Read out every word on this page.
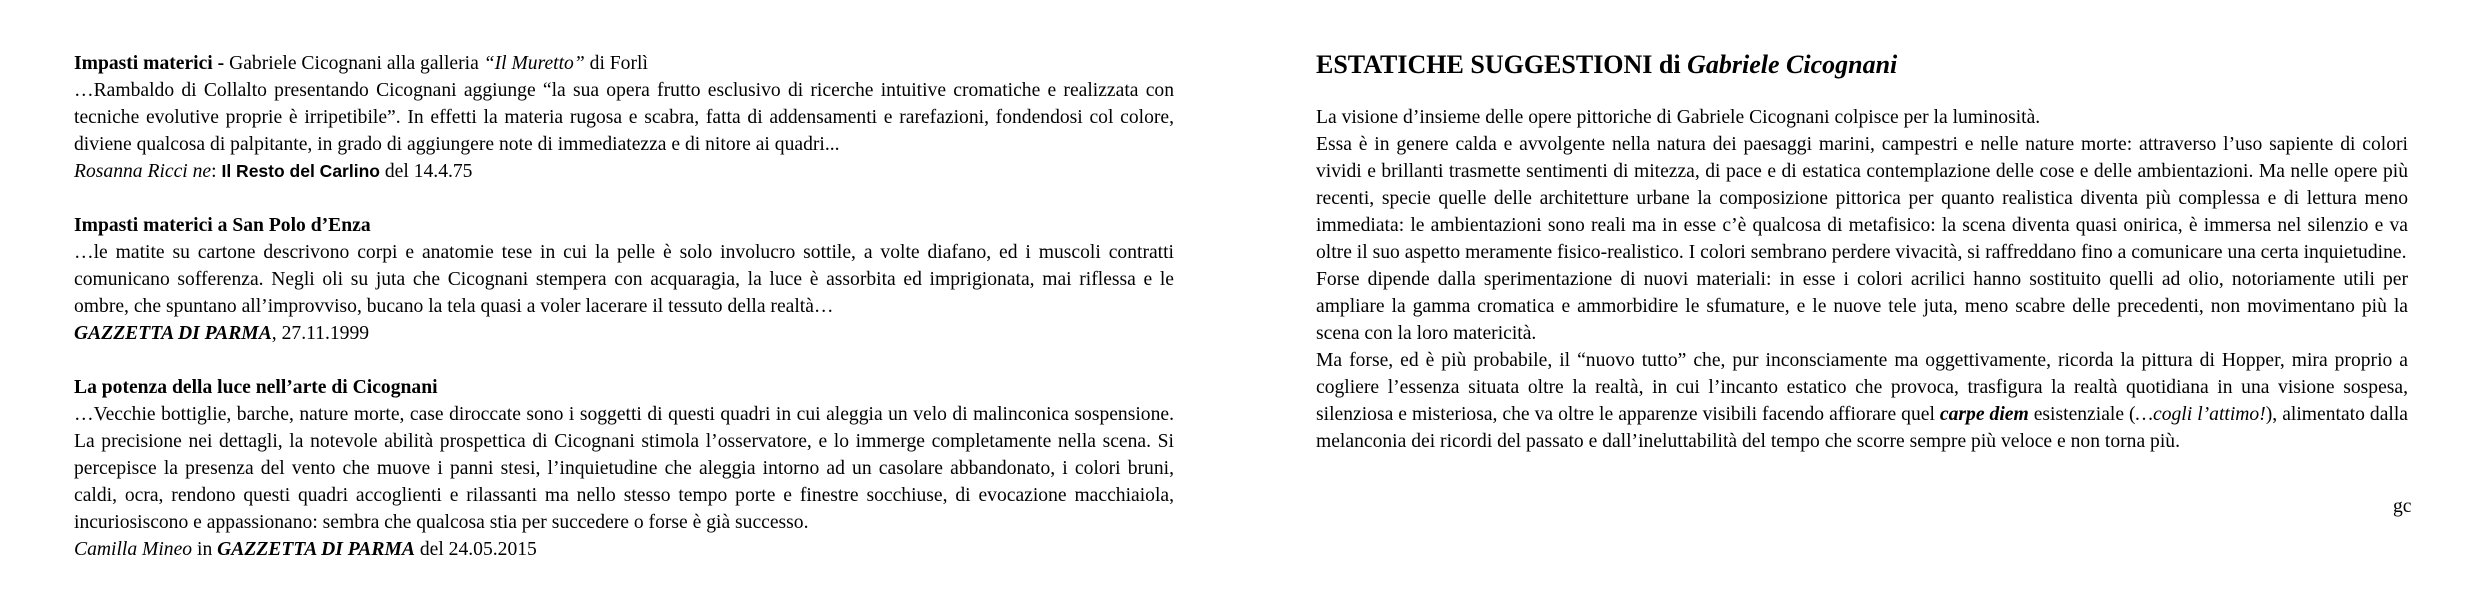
Impasti materici - Gabriele Cicognani alla galleria “Il Muretto” di Forlì
…Rambaldo di Collalto presentando Cicognani aggiunge “la sua opera frutto esclusivo di ricerche intuitive cromatiche e realizzata con tecniche evolutive proprie è irripetibile”. In effetti la materia rugosa e scabra, fatta di addensamenti e rarefazioni, fondendosi col colore, diviene qualcosa di palpitante, in grado di aggiungere note di immediatezza e di nitore ai quadri...
Rosanna Ricci ne: Il Resto del Carlino del 14.4.75
Impasti materici a San Polo d’Enza
…le matite su cartone descrivono corpi e anatomie tese in cui la pelle è solo involucro sottile, a volte diafano, ed i muscoli contratti comunicano sofferenza. Negli oli su juta che Cicognani stempera con acquaragia, la luce è assorbita ed imprigionata, mai riflessa e le ombre, che spuntano all’improvviso, bucano la tela quasi a voler lacerare il tessuto della realtà…
GAZZETTA DI PARMA, 27.11.1999
La potenza della luce nell’arte di Cicognani
…Vecchie bottiglie, barche, nature morte, case diroccate sono i soggetti di questi quadri in cui aleggia un velo di malinconica sospensione. La precisione nei dettagli, la notevole abilità prospettica di Cicognani stimola l’osservatore, e lo immerge completamente nella scena. Si percepisce la presenza del vento che muove i panni stesi, l’inquietudine che aleggia intorno ad un casolare abbandonato, i colori bruni, caldi, ocra, rendono questi quadri accoglienti e rilassanti ma nello stesso tempo porte e finestre socchiuse, di evocazione macchiaiola, incuriosiscono e appassionano: sembra che qualcosa stia per succedere o forse è già successo.
Camilla Mineo in GAZZETTA DI PARMA del 24.05.2015
ESTATICHE SUGGESTIONI di Gabriele Cicognani

La visione d’insieme delle opere pittoriche di Gabriele Cicognani colpisce per la luminosità.

Essa è in genere calda e avvolgente nella natura dei paesaggi marini, campestri e nelle nature morte: attraverso l’uso sapiente di colori vividi e brillanti trasmette sentimenti di mitezza, di pace e di estatica contemplazione delle cose e delle ambientazioni. Ma nelle opere più recenti, specie quelle delle architetture urbane la composizione pittorica per quanto realistica diventa più complessa e di lettura meno immediata: le ambientazioni sono reali ma in esse c’è qualcosa di metafisico: la scena diventa quasi onirica, è immersa nel silenzio e va oltre il suo aspetto meramente fisico-realistico. I colori sembrano perdere vivacità, si raffreddano fino a comunicare una certa inquietudine.

Forse dipende dalla sperimentazione di nuovi materiali: in esse i colori acrilici hanno sostituito quelli ad olio, notoriamente utili per ampliare la gamma cromatica e ammorbidire le sfumature, e le nuove tele juta, meno scabre delle precedenti, non movimentano più la scena con la loro matericità.

Ma forse, ed è più probabile, il “nuovo tutto” che, pur inconsciamente ma oggettivamente, ricorda la pittura di Hopper, mira proprio a cogliere l’essenza situata oltre la realtà, in cui l’incanto estatico che provoca, trasfigura la realtà quotidiana in una visione sospesa, silenziosa e misteriosa, che va oltre le apparenze visibili facendo affiorare quel carpe diem esistenziale (…cogli l’attimo!), alimentato dalla melanconia dei ricordi del passato e dall’ineluttabilità del tempo che scorre sempre più veloce e non torna più.

gc
